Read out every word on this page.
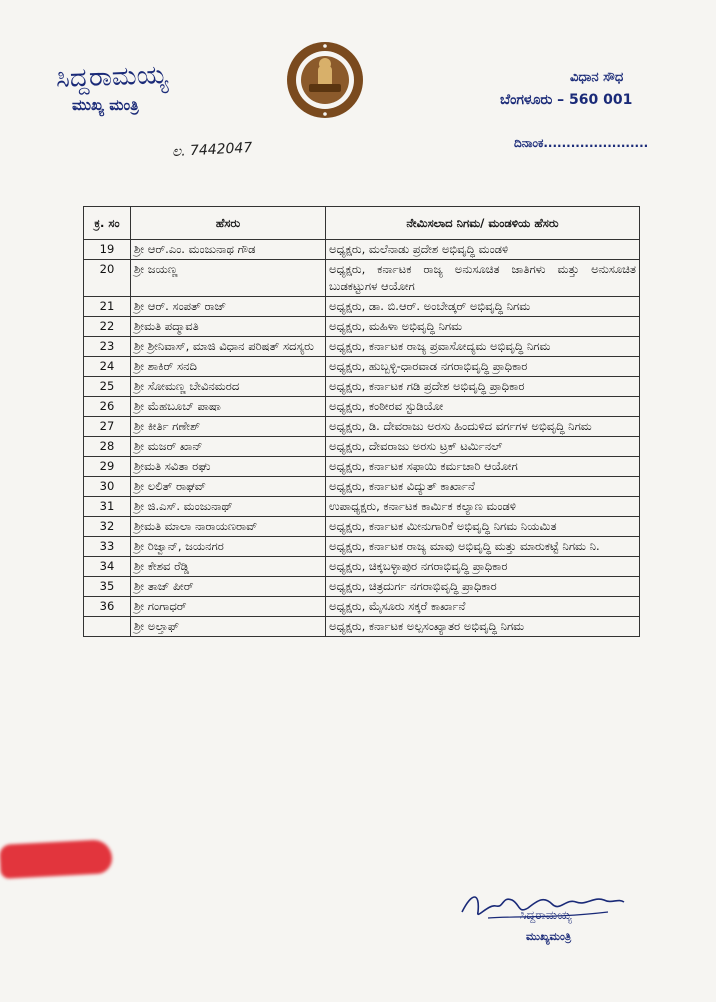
ಸಿದ್ದರಾಮಯ್ಯ
ಮುಖ್ಯ ಮಂತ್ರಿ
ವಿಧಾನ ಸೌಧ
ಬೆಂಗಳೂರು – 560 001
ದಿನಾಂಕ.......................
ಲ. 7442047
ಕ್ರ. ಸಂ	ಹೆಸರು	ನೇಮಿಸಲಾದ ನಿಗಮ/ ಮಂಡಳಿಯ ಹೆಸರು
19	ಶ್ರೀ ಆರ್.ಎಂ. ಮಂಜುನಾಥ ಗೌಡ	ಅಧ್ಯಕ್ಷರು, ಮಲೆನಾಡು ಪ್ರದೇಶ ಅಭಿವೃದ್ಧಿ ಮಂಡಳಿ
20	ಶ್ರೀ ಜಯಣ್ಣ	ಅಧ್ಯಕ್ಷರು, ಕರ್ನಾಟಕ ರಾಜ್ಯ ಅನುಸೂಚಿತ ಜಾತಿಗಳು ಮತ್ತು ಅನುಸೂಚಿತ ಬುಡಕಟ್ಟುಗಳ ಆಯೋಗ
21	ಶ್ರೀ ಆರ್. ಸಂಪತ್ ರಾಜ್	ಅಧ್ಯಕ್ಷರು, ಡಾ. ಬಿ.ಆರ್. ಅಂಬೇಡ್ಕರ್ ಅಭಿವೃದ್ಧಿ ನಿಗಮ
22	ಶ್ರೀಮತಿ ಪದ್ಮಾವತಿ	ಅಧ್ಯಕ್ಷರು, ಮಹಿಳಾ ಅಭಿವೃದ್ಧಿ ನಿಗಮ
23	ಶ್ರೀ ಶ್ರೀನಿವಾಸ್, ಮಾಜಿ ವಿಧಾನ ಪರಿಷತ್ ಸದಸ್ಯರು	ಅಧ್ಯಕ್ಷರು, ಕರ್ನಾಟಕ ರಾಜ್ಯ ಪ್ರವಾಸೋದ್ಯಮ ಅಭಿವೃದ್ಧಿ ನಿಗಮ
24	ಶ್ರೀ ಶಾಕಿರ್ ಸನದಿ	ಅಧ್ಯಕ್ಷರು, ಹುಬ್ಬಳ್ಳಿ-ಧಾರವಾಡ ನಗರಾಭಿವೃದ್ಧಿ ಪ್ರಾಧಿಕಾರ
25	ಶ್ರೀ ಸೋಮಣ್ಣ ಬೇವಿನಮರದ	ಅಧ್ಯಕ್ಷರು, ಕರ್ನಾಟಕ ಗಡಿ ಪ್ರದೇಶ ಅಭಿವೃದ್ಧಿ ಪ್ರಾಧಿಕಾರ
26	ಶ್ರೀ ಮೆಹಬೂಬ್ ಪಾಷಾ	ಅಧ್ಯಕ್ಷರು, ಕಂಠೀರವ ಸ್ಟುಡಿಯೋ
27	ಶ್ರೀ ಕೀರ್ತಿ ಗಣೇಶ್	ಅಧ್ಯಕ್ಷರು, ಡಿ. ದೇವರಾಜು ಅರಸು ಹಿಂದುಳಿದ ವರ್ಗಗಳ ಅಭಿವೃದ್ಧಿ ನಿಗಮ
28	ಶ್ರೀ ಮಜರ್ ಖಾನ್	ಅಧ್ಯಕ್ಷರು, ದೇವರಾಜು ಅರಸು ಟ್ರಕ್ ಟರ್ಮಿನಲ್
29	ಶ್ರೀಮತಿ ಸವಿತಾ ರಘು	ಅಧ್ಯಕ್ಷರು, ಕರ್ನಾಟಕ ಸಫಾಯಿ ಕರ್ಮಚಾರಿ ಆಯೋಗ
30	ಶ್ರೀ ಲಲಿತ್ ರಾಘವ್	ಅಧ್ಯಕ್ಷರು, ಕರ್ನಾಟಕ ವಿದ್ಯುತ್ ಕಾರ್ಖಾನೆ
31	ಶ್ರೀ ಜಿ.ಎಸ್. ಮಂಜುನಾಥ್	ಉಪಾಧ್ಯಕ್ಷರು, ಕರ್ನಾಟಕ ಕಾರ್ಮಿಕ ಕಲ್ಯಾಣ ಮಂಡಳಿ
32	ಶ್ರೀಮತಿ ಮಾಲಾ ನಾರಾಯಣರಾವ್	ಅಧ್ಯಕ್ಷರು, ಕರ್ನಾಟಕ ಮೀನುಗಾರಿಕೆ ಅಭಿವೃದ್ಧಿ ನಿಗಮ ನಿಯಮಿತ
33	ಶ್ರೀ ರಿಜ್ವಾನ್, ಜಯನಗರ	ಅಧ್ಯಕ್ಷರು, ಕರ್ನಾಟಕ ರಾಜ್ಯ ಮಾವು ಅಭಿವೃದ್ಧಿ ಮತ್ತು ಮಾರುಕಟ್ಟೆ ನಿಗಮ ನಿ.
34	ಶ್ರೀ ಕೇಶವ ರೆಡ್ಡಿ	ಅಧ್ಯಕ್ಷರು, ಚಿಕ್ಕಬಳ್ಳಾಪುರ ನಗರಾಭಿವೃದ್ಧಿ ಪ್ರಾಧಿಕಾರ
35	ಶ್ರೀ ತಾಜ್ ಪೀರ್	ಅಧ್ಯಕ್ಷರು, ಚಿತ್ರದುರ್ಗ ನಗರಾಭಿವೃದ್ಧಿ ಪ್ರಾಧಿಕಾರ
36	ಶ್ರೀ ಗಂಗಾಧರ್	ಅಧ್ಯಕ್ಷರು, ಮೈಸೂರು ಸಕ್ಕರೆ ಕಾರ್ಖಾನೆ
	ಶ್ರೀ ಅಲ್ತಾಫ್	ಅಧ್ಯಕ್ಷರು, ಕರ್ನಾಟಕ ಅಲ್ಪಸಂಖ್ಯಾತರ ಅಭಿವೃದ್ಧಿ ನಿಗಮ
ಸಿದ್ದರಾಮಯ್ಯ
ಮುಖ್ಯಮಂತ್ರಿ
